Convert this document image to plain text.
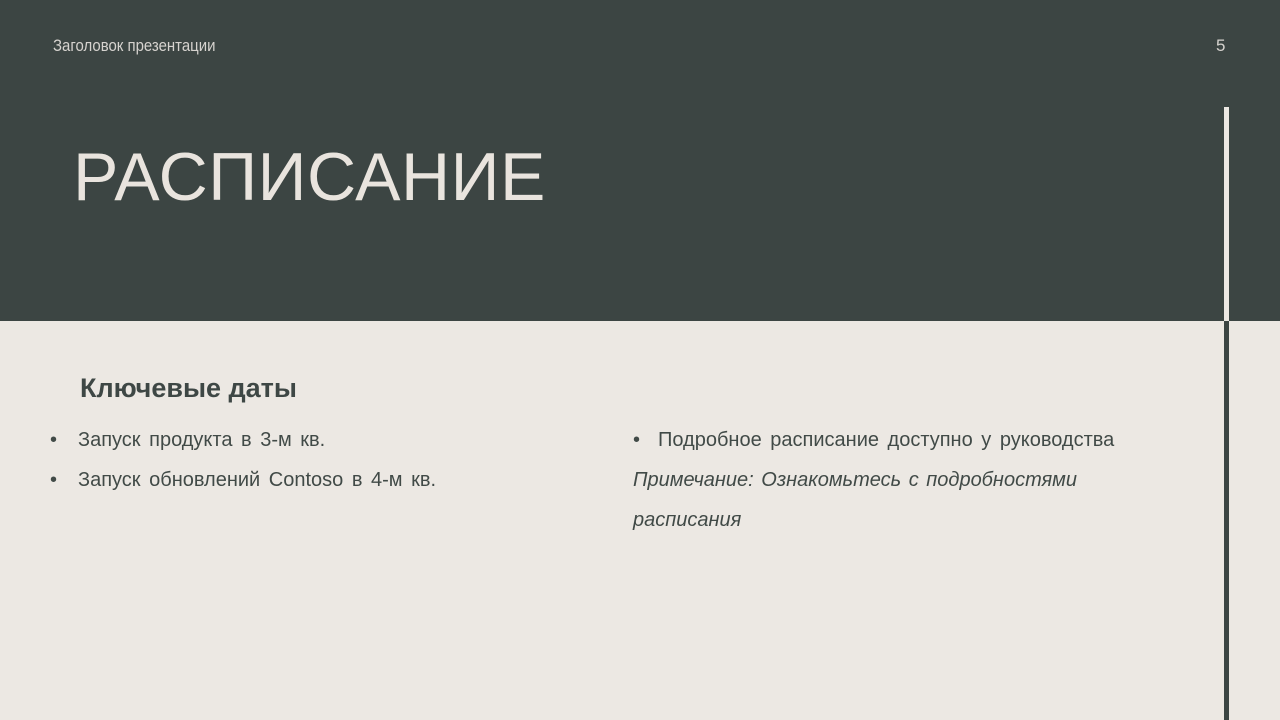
Заголовок презентации	5
РАСПИСАНИЕ
Ключевые даты
•	Запуск продукта в 3-м кв.
•	Запуск обновлений Contoso в 4-м кв.
• Подробное расписание доступно у руководства

Примечание: Ознакомьтесь с подробностями расписания
